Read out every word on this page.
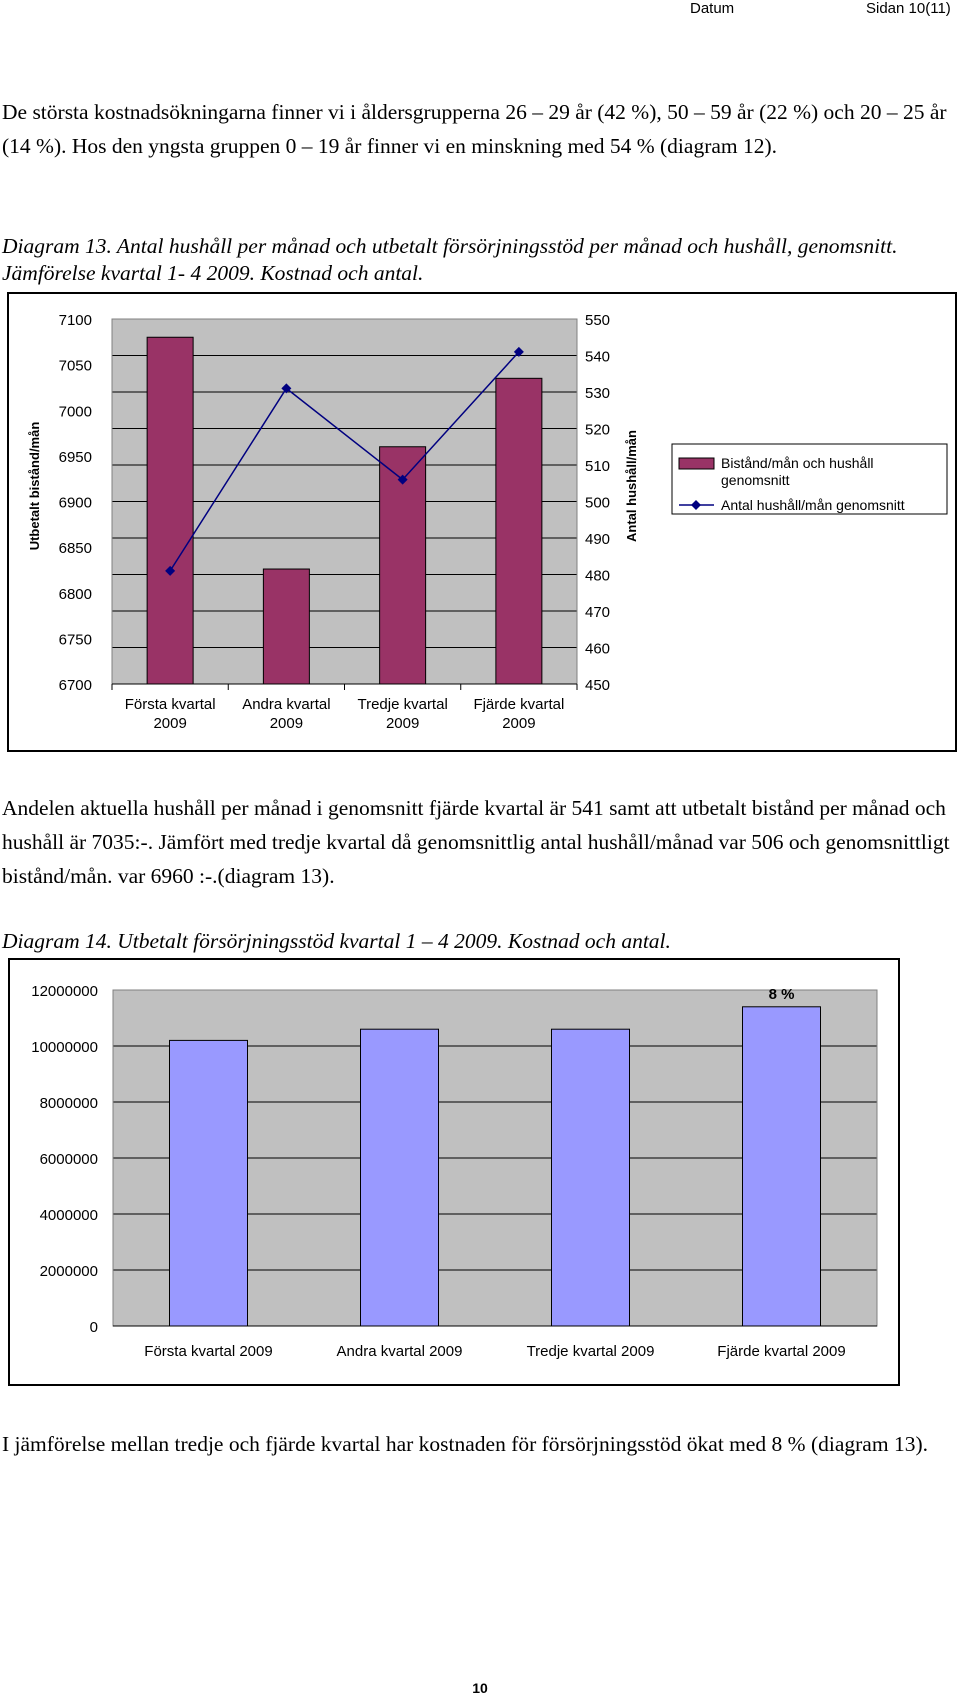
Datum	Sidan 10(11)

De största kostnadsökningarna finner vi i åldersgrupperna 26 – 29 år (42 %), 50 – 59 år (22 %) och 20 – 25 år (14 %). Hos den yngsta gruppen 0 – 19 år finner vi en minskning med 54 % (diagram 12).

Diagram 13. Antal hushåll per månad och utbetalt försörjningsstöd per månad och hushåll, genomsnitt. Jämförelse kvartal 1- 4 2009. Kostnad och antal.

6700
6750
6800
6850
6900
6950
7000
7050
7100
450
460
470
480
490
500
510
520
530
540
550
Första kvartal 2009
Andra kvartal 2009
Tredje kvartal 2009
Fjärde kvartal 2009
Utbetalt bistånd/mån	Antal hushåll/mån	Bistånd/mån och hushåll genomsnitt
Antal hushåll/mån genomsnitt

Andelen aktuella hushåll per månad i genomsnitt fjärde kvartal är 541 samt att utbetalt bistånd per månad och hushåll är 7035:-. Jämfört med tredje kvartal då genomsnittlig antal hushåll/månad var 506 och genomsnittligt bistånd/mån. var 6960 :-.(diagram 13).

Diagram 14. Utbetalt försörjningsstöd kvartal 1 – 4 2009. Kostnad och antal.

0
2000000
4000000
6000000
8000000
10000000
12000000
Första kvartal 2009	Andra kvartal 2009	Tredje kvartal 2009	Fjärde kvartal 2009
8 %

I jämförelse mellan tredje och fjärde kvartal har kostnaden för försörjningsstöd ökat med 8 % (diagram 13).

10
